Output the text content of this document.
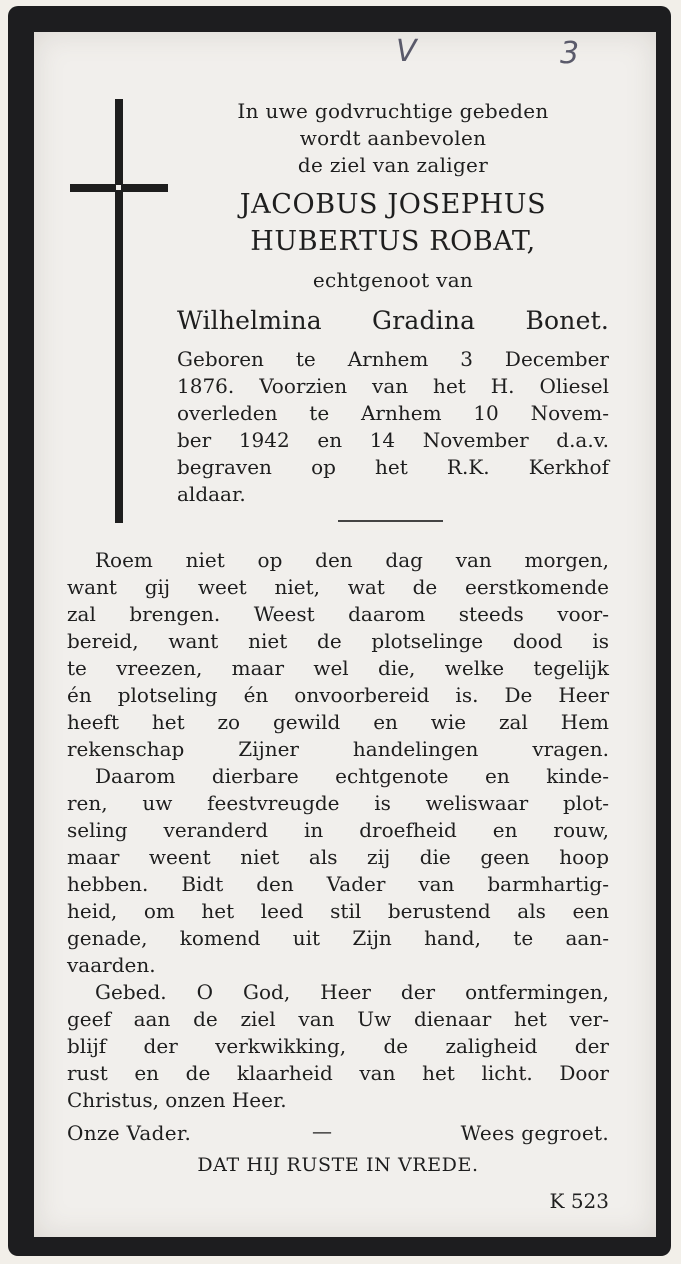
V	3
In uwe godvruchtige gebeden
wordt aanbevolen
de ziel van zaliger
JACOBUS JOSEPHUS
HUBERTUS ROBAT,
echtgenoot van
Wilhelmina Gradina Bonet.
Geboren te Arnhem 3 December
1876. Voorzien van het H. Oliesel
overleden te Arnhem 10 Novem-
ber 1942 en 14 November d.a.v.
begraven op het R.K. Kerkhof
aldaar.
Roem niet op den dag van morgen,
want gij weet niet, wat de eerstkomende
zal brengen. Weest daarom steeds voor-
bereid, want niet de plotselinge dood is
te vreezen, maar wel die, welke tegelijk
én plotseling én onvoorbereid is. De Heer
heeft het zo gewild en wie zal Hem
rekenschap Zijner handelingen vragen.
Daarom dierbare echtgenote en kinde-
ren, uw feestvreugde is weliswaar plot-
seling veranderd in droefheid en rouw,
maar weent niet als zij die geen hoop
hebben. Bidt den Vader van barmhartig-
heid, om het leed stil berustend als een
genade, komend uit Zijn hand, te aan-
vaarden.
Gebed. O God, Heer der ontfermingen,
geef aan de ziel van Uw dienaar het ver-
blijf der verkwikking, de zaligheid der
rust en de klaarheid van het licht. Door
Christus, onzen Heer.
Onze Vader.	—	Wees gegroet.
DAT HIJ RUSTE IN VREDE.
K 523
